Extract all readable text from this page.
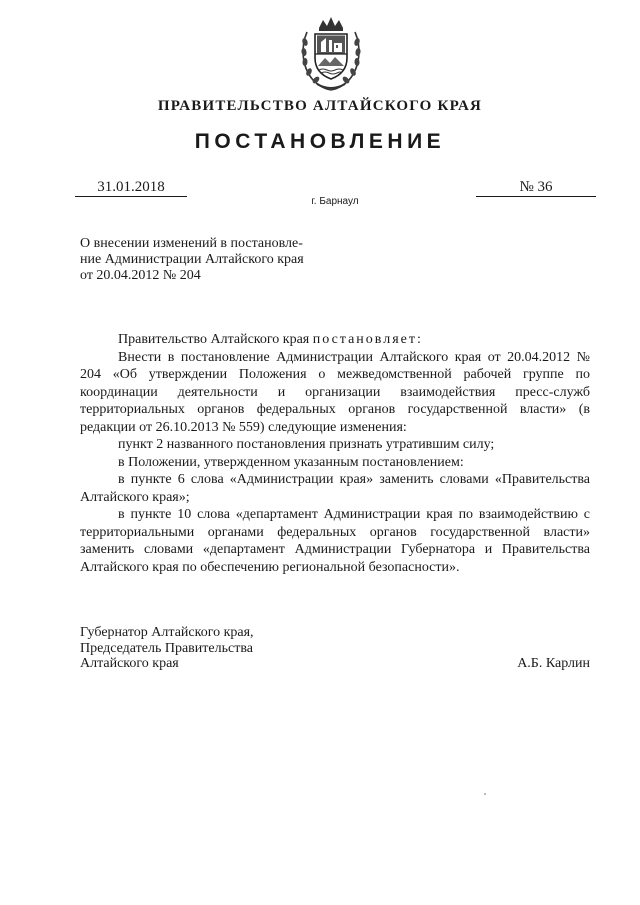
ПРАВИТЕЛЬСТВО АЛТАЙСКОГО КРАЯ
ПОСТАНОВЛЕНИЕ
31.01.2018	№ 36
г. Барнаул
О внесении изменений в постановле-
ние Администрации Алтайского края
от 20.04.2012 № 204

Правительство Алтайского края постановляет:

Внести в постановление Администрации Алтайского края от 20.04.2012 № 204 «Об утверждении Положения о межведомственной рабочей группе по координации деятельности и организации взаимодействия пресс-служб территориальных органов федеральных органов государственной власти» (в редакции от 26.10.2013 № 559) следующие изменения:

пункт 2 названного постановления признать утратившим силу;

в Положении, утвержденном указанным постановлением:

в пункте 6 слова «Администрации края» заменить словами «Правительства Алтайского края»;

в пункте 10 слова «департамент Администрации края по взаимодействию с территориальными органами федеральных органов государственной власти» заменить словами «департамент Администрации Губернатора и Правительства Алтайского края по обеспечению региональной безопасности».

Губернатор Алтайского края,
Председатель Правительства
Алтайского края	А.Б. Карлин
